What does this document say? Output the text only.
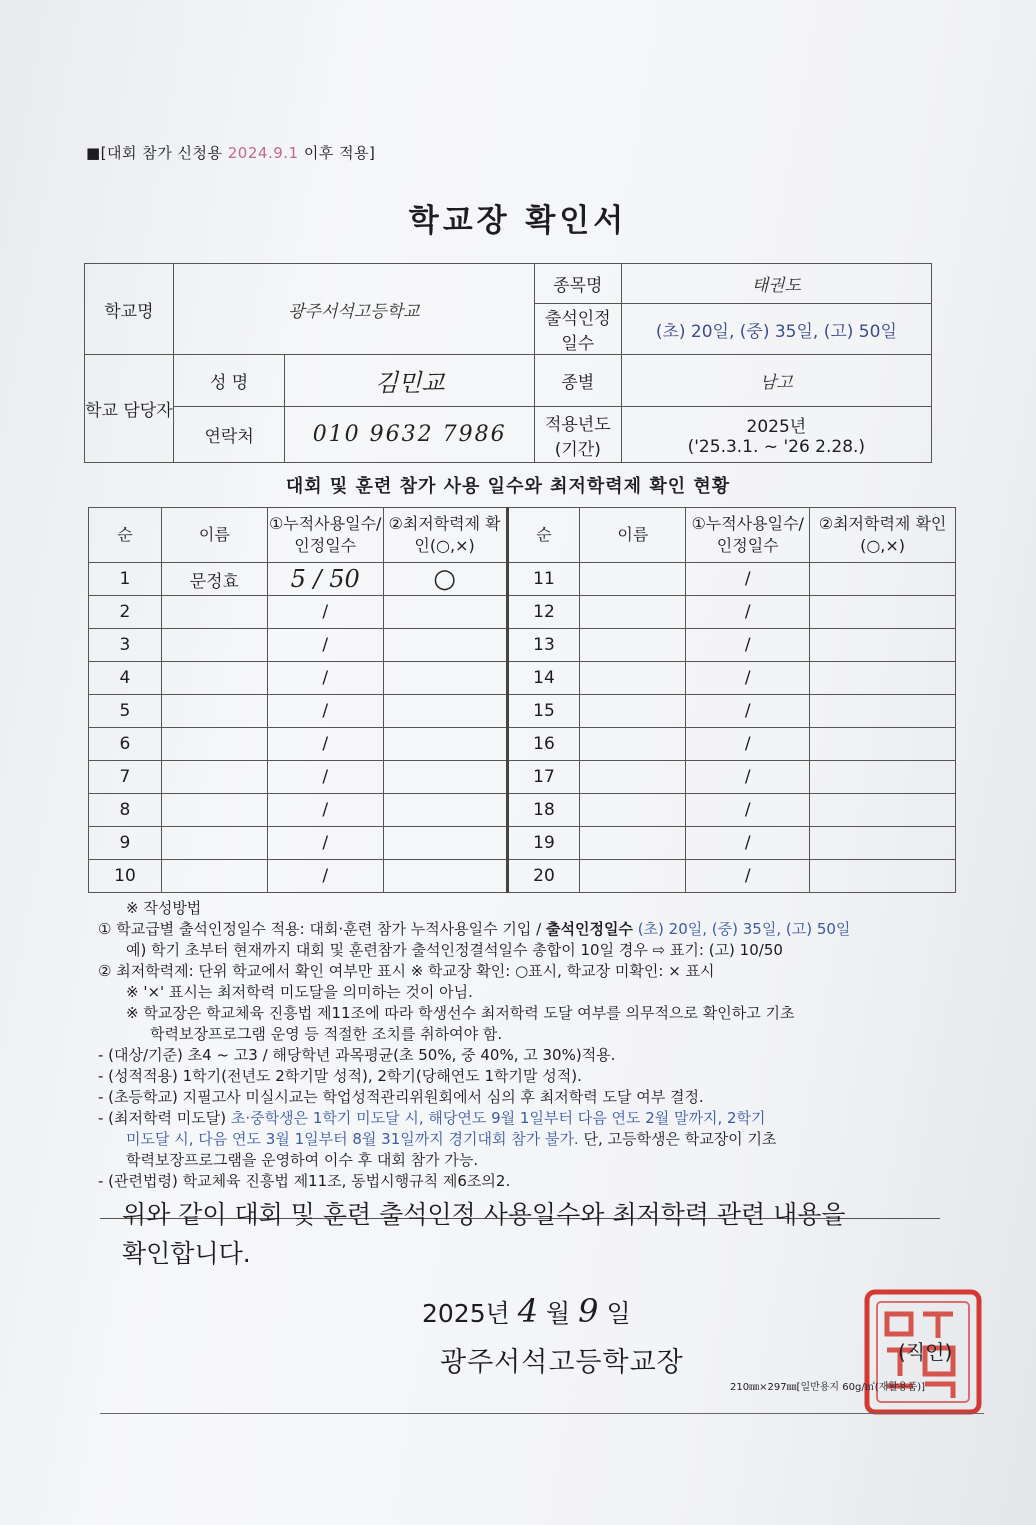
■[대회 참가 신청용 2024.9.1 이후 적용]
학교장 확인서
학교명	광주서석고등학교		종목명	태권도
			출석인정 일수	(초) 20일, (중) 35일, (고) 50일
학교 담당자	성 명	김민교	종별	남고
	연락처	010 9632 7986	적용년도 (기간)	2025년
('25.3.1. ~ '26 2.28.)
대회 및 훈련 참가 사용 일수와 최저학력제 확인 현황
순	이름	①누적사용일수/인정일수	②최저학력제 확인(○,×)	순	이름	①누적사용일수/인정일수	②최저학력제 확인(○,×)
1	문정효	5 / 50	○	11		/	
2		/		12		/	
3		/		13		/	
4		/		14		/	
5		/		15		/	
6		/		16		/	
7		/		17		/	
8		/		18		/	
9		/		19		/	
10		/		20		/	

※ 작성방법

① 학교급별 출석인정일수 적용: 대회·훈련 참가 누적사용일수 기입 / 출석인정일수 (초) 20일, (중) 35일, (고) 50일

예) 학기 초부터 현재까지 대회 및 훈련참가 출석인정결석일수 총합이 10일 경우 ⇨ 표기: (고) 10/50

② 최저학력제: 단위 학교에서 확인 여부만 표시 ※ 학교장 확인: ○표시, 학교장 미확인: × 표시

※ '×' 표시는 최저학력 미도달을 의미하는 것이 아님.

※ 학교장은 학교체육 진흥법 제11조에 따라 학생선수 최저학력 도달 여부를 의무적으로 확인하고 기초

학력보장프로그램 운영 등 적절한 조치를 취하여야 함.

- (대상/기준) 초4 ~ 고3 / 해당학년 과목평균(초 50%, 중 40%, 고 30%)적용.

- (성적적용) 1학기(전년도 2학기말 성적), 2학기(당해연도 1학기말 성적).

- (초등학교) 지필고사 미실시교는 학업성적관리위원회에서 심의 후 최저학력 도달 여부 결정.

- (최저학력 미도달) 초·중학생은 1학기 미도달 시, 해당연도 9월 1일부터 다음 연도 2월 말까지, 2학기

미도달 시, 다음 연도 3월 1일부터 8월 31일까지 경기대회 참가 불가. 단, 고등학생은 학교장이 기초

학력보장프로그램을 운영하여 이수 후 대회 참가 가능.

- (관련법령) 학교체육 진흥법 제11조, 동법시행규칙 제6조의2.

위와 같이 대회 및 훈련 출석인정 사용일수와 최저학력 관련 내용을

확인합니다.

2025년 4 월 9 일
광주서석고등학교장	(직인)
210㎜×297㎜[일반용지 60g/㎡(재활용품)]
